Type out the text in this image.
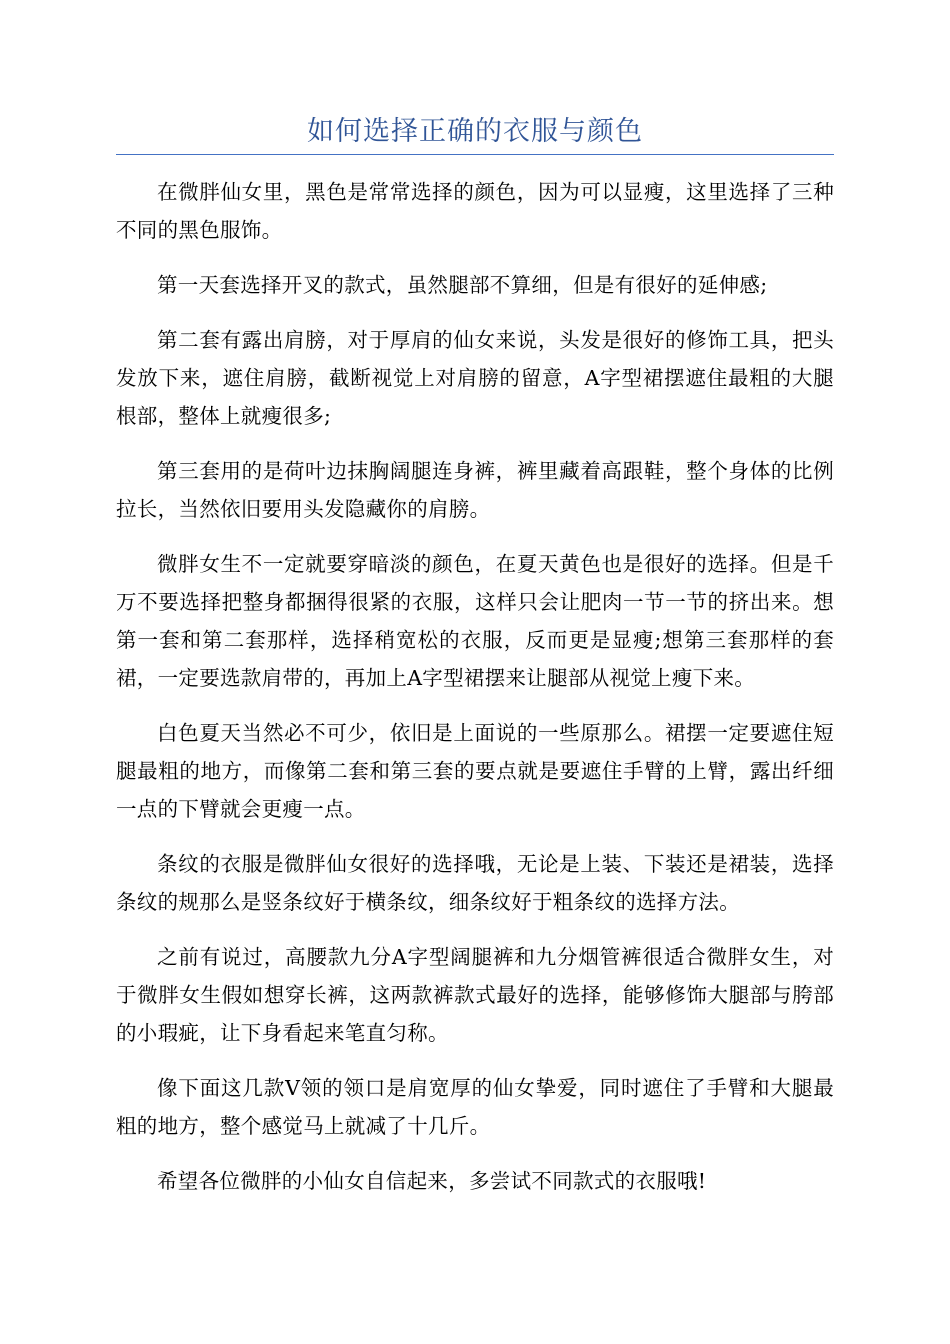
如何选择正确的衣服与颜色

在微胖仙女里，黑色是常常选择的颜色，因为可以显瘦，这里选择了三种不同的黑色服饰。

第一天套选择开叉的款式，虽然腿部不算细，但是有很好的延伸感;

第二套有露出肩膀，对于厚肩的仙女来说，头发是很好的修饰工具，把头发放下来，遮住肩膀，截断视觉上对肩膀的留意，A字型裙摆遮住最粗的大腿根部，整体上就瘦很多;

第三套用的是荷叶边抹胸阔腿连身裤，裤里藏着高跟鞋，整个身体的比例拉长，当然依旧要用头发隐藏你的肩膀。

微胖女生不一定就要穿暗淡的颜色，在夏天黄色也是很好的选择。但是千万不要选择把整身都捆得很紧的衣服，这样只会让肥肉一节一节的挤出来。想第一套和第二套那样，选择稍宽松的衣服，反而更是显瘦;想第三套那样的套裙，一定要选款肩带的，再加上A字型裙摆来让腿部从视觉上瘦下来。

白色夏天当然必不可少，依旧是上面说的一些原那么。裙摆一定要遮住短腿最粗的地方，而像第二套和第三套的要点就是要遮住手臂的上臂，露出纤细一点的下臂就会更瘦一点。

条纹的衣服是微胖仙女很好的选择哦，无论是上装、下装还是裙装，选择条纹的规那么是竖条纹好于横条纹，细条纹好于粗条纹的选择方法。

之前有说过，高腰款九分A字型阔腿裤和九分烟管裤很适合微胖女生，对于微胖女生假如想穿长裤，这两款裤款式最好的选择，能够修饰大腿部与胯部的小瑕疵，让下身看起来笔直匀称。

像下面这几款V领的领口是肩宽厚的仙女挚爱，同时遮住了手臂和大腿最粗的地方，整个感觉马上就减了十几斤。

希望各位微胖的小仙女自信起来，多尝试不同款式的衣服哦!
